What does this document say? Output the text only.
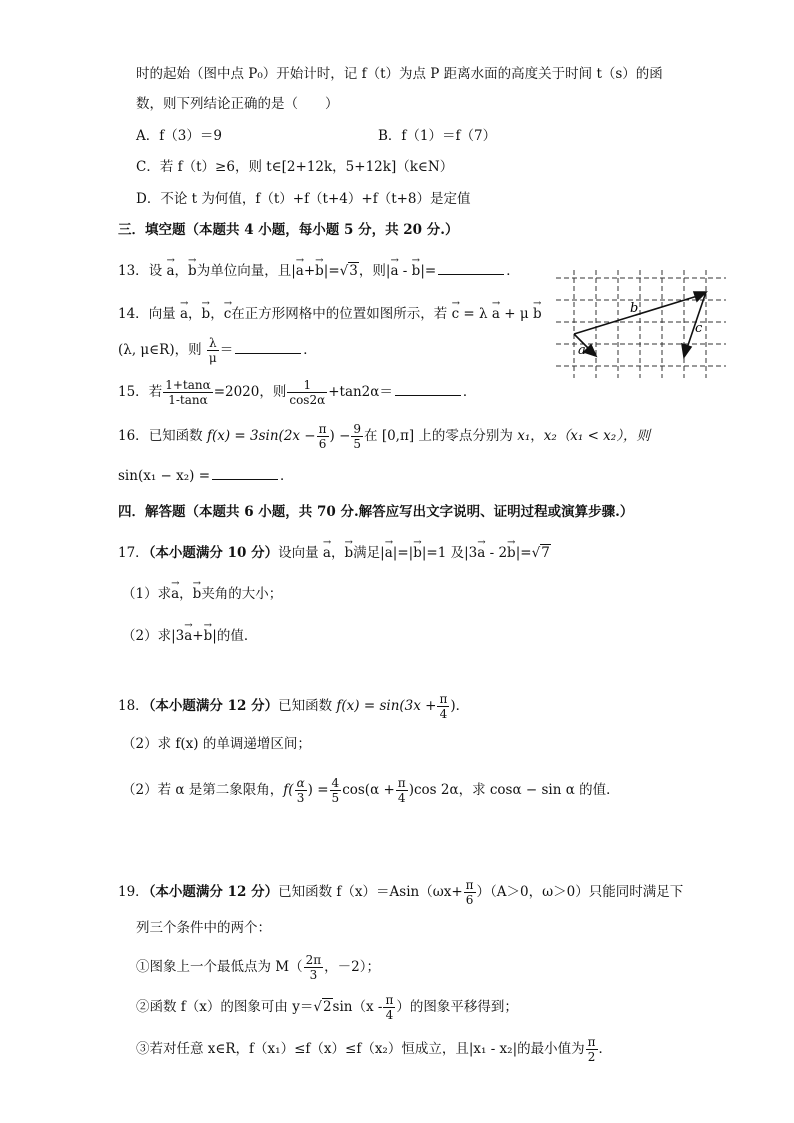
时的起始（图中点 P₀）开始计时，记 f（t）为点 P 距离水面的高度关于时间 t（s）的函
数，则下列结论正确的是（　　）
A．f（3）＝9	B．f（1）＝f（7）
C．若 f（t）≥6，则 t∈[2+12k，5+12k]（k∈N）
D．不论 t 为何值，f（t）+f（t+4）+f（t+8）是定值
三．填空题（本题共 4 小题，每小题 5 分，共 20 分.）
13．设 → a，→ b为单位向量，且|→ a+→ b|=√3，则|→ a - → b|=	．
14．向量 → a，→ b，→ c在正方形网格中的位置如图所示，若 → c = λ → a + μ → b
(λ, μ∈R)，则 $\frac{\lambda}{\mu}$ ＝	．	a
b
c
15．若 $\frac{1+\tan\alpha}{1-\tan\alpha} =2020$，则 $\frac{1}{\cos 2\alpha} +\tan 2\alpha=$	．
16．已知函数 $f(x) = 3\sin(2x - \frac{\pi}{6}$ ) − $\frac{9}{5}$ 在 [0,π] 上的零点分别为 x₁，x₂（x₁ < x₂），则
sin(x₁ − x₂) =	．
四．解答题（本题共 6 小题，共 70 分.解答应写出文字说明、证明过程或演算步骤.）
17．（本小题满分 10 分）设向量 → a，→ b满足|→ a|=|→ b|=1 及|3→ a - 2→ b|=√7
（1）求→ a，→ b夹角的大小；
（2）求|3→ a+→ b|的值．
18．（本小题满分 12 分）已知函数 $f(x) = \sin(3x + \frac{\pi}{4}$ )．
（2）求 f(x) 的单调递增区间；
（2）若 α 是第二象限角，$f( \frac{\alpha}{3}$ ) = $\frac{4}{5} \cos(\alpha + \frac{\pi}{4} )\cos$ 2α，求 cosα − sin α 的值．
19．（本小题满分 12 分）已知函数 $f(x)=Asin(\omega x+ \frac{\pi}{6} )(A>0$，ω＞0）只能同时满足下
列三个条件中的两个：
①图象上一个最低点为 $M( \frac{2\pi}{3}$ ，－2）；
②函数 f（x）的图象可由 $y=√2\sin(x - \frac{\pi}{4}$ ）的图象平移得到；
③若对任意 x∈R，f（x₁）≤f（x）≤f（x₂）恒成立，且|x₁ - x₂|的最小值为 $\frac{\pi}{2}$ ．
